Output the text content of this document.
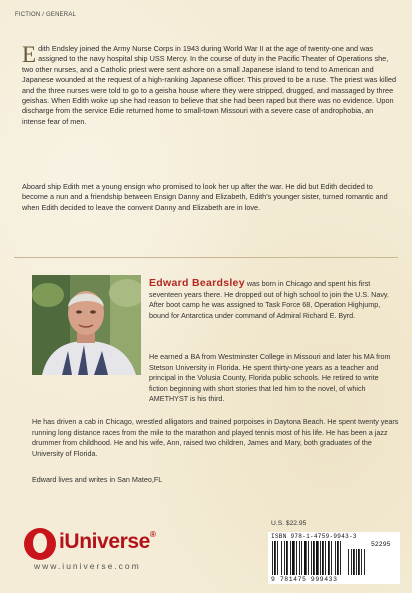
FICTION / GENERAL

Edith Endsley joined the Army Nurse Corps in 1943 during World War II at the age of twenty-one and was assigned to the navy hospital ship USS Mercy. In the course of duty in the Pacific Theater of Operations she, two other nurses, and a Catholic priest were sent ashore on a small Japanese island to tend to American and Japanese wounded at the request of a high-ranking Japanese officer. This proved to be a ruse. The priest was killed and the three nurses were told to go to a geisha house where they were stripped, drugged, and massaged by three geishas. When Edith woke up she had reason to believe that she had been raped but there was no evidence. Upon discharge from the service Edie returned home to small-town Missouri with a severe case of androphobia, an intense fear of men.

Aboard ship Edith met a young ensign who promised to look her up after the war. He did but Edith decided to become a nun and a friendship between Ensign Danny and Elizabeth, Edith's younger sister, turned romantic and when Edith decided to leave the convent Danny and Elizabeth are in love.

Edward Beardsley was born in Chicago and spent his first seventeen years there. He dropped out of high school to join the U.S. Navy. After boot camp he was assigned to Task Force 68, Operation Highjump, bound for Antarctica under command of Admiral Richard E. Byrd.

He earned a BA from Westminster College in Missouri and later his MA from Stetson University in Florida. He spent thirty-one years as a teacher and principal in the Volusia County, Florida public schools. He retired to write fiction beginning with short stories that led him to the novel, of which AMETHYST is his third.

He has driven a cab in Chicago, wrestled alligators and trained porpoises in Daytona Beach. He spent twenty years running long distance races from the mile to the marathon and played tennis most of his life. He has been a jazz drummer from childhood. He and his wife, Ann, raised two children, James and Mary, both graduates of the University of Florida.

Edward lives and writes in San Mateo,FL

iUniverse®
www.iuniverse.com
U.S. $22.95
ISBN 978-1-4759-9943-3
52295
9 781475 999433
